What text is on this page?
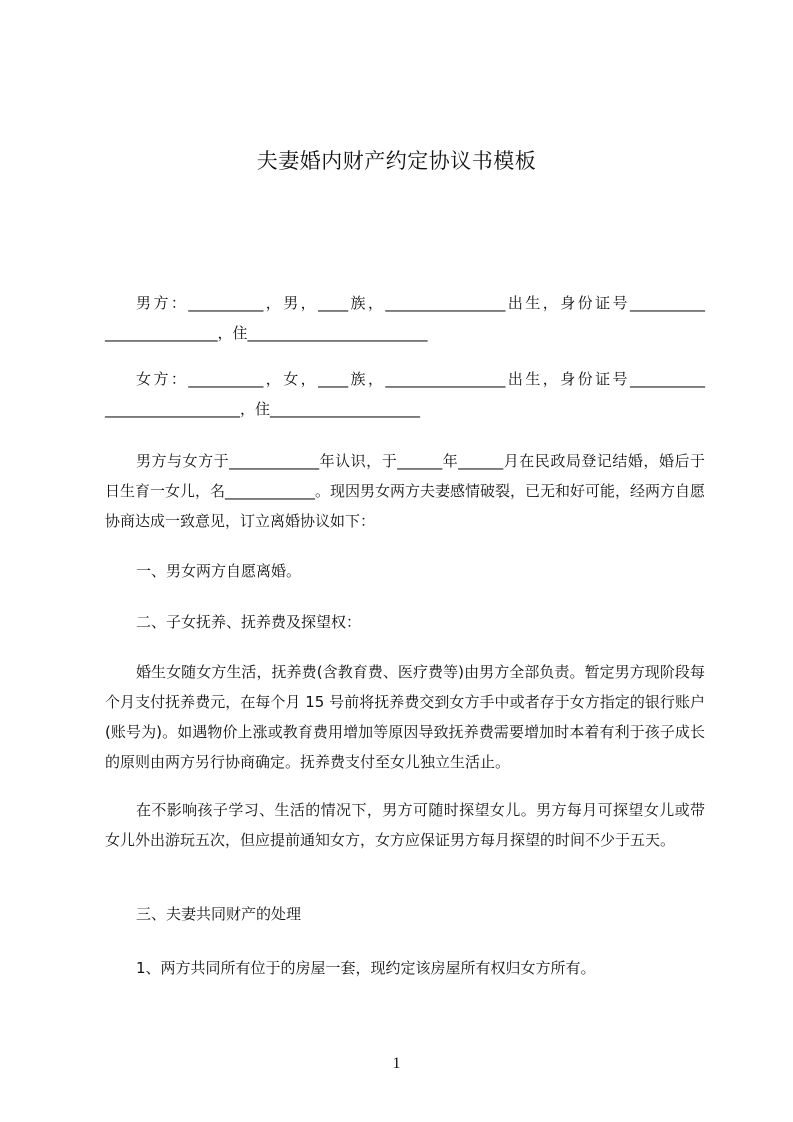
夫妻婚内财产约定协议书模板
男方：__________，男，____族，________________出生，身份证号__________ _______________，住________________________
女方：__________，女，____族，________________出生，身份证号__________ __________________，住____________________
男方与女方于____________年认识，于______年______月在民政局登记结婚，婚后于日生育一女儿，名____________。现因男女两方夫妻感情破裂，已无和好可能，经两方自愿协商达成一致意见，订立离婚协议如下：
一、男女两方自愿离婚。
二、子女抚养、抚养费及探望权：
婚生女随女方生活，抚养费(含教育费、医疗费等)由男方全部负责。暂定男方现阶段每个月支付抚养费元，在每个月 15 号前将抚养费交到女方手中或者存于女方指定的银行账户(账号为)。如遇物价上涨或教育费用增加等原因导致抚养费需要增加时本着有利于孩子成长的原则由两方另行协商确定。抚养费支付至女儿独立生活止。
在不影响孩子学习、生活的情况下，男方可随时探望女儿。男方每月可探望女儿或带女儿外出游玩五次，但应提前通知女方，女方应保证男方每月探望的时间不少于五天。
三、夫妻共同财产的处理
1、两方共同所有位于的房屋一套，现约定该房屋所有权归女方所有。
1
